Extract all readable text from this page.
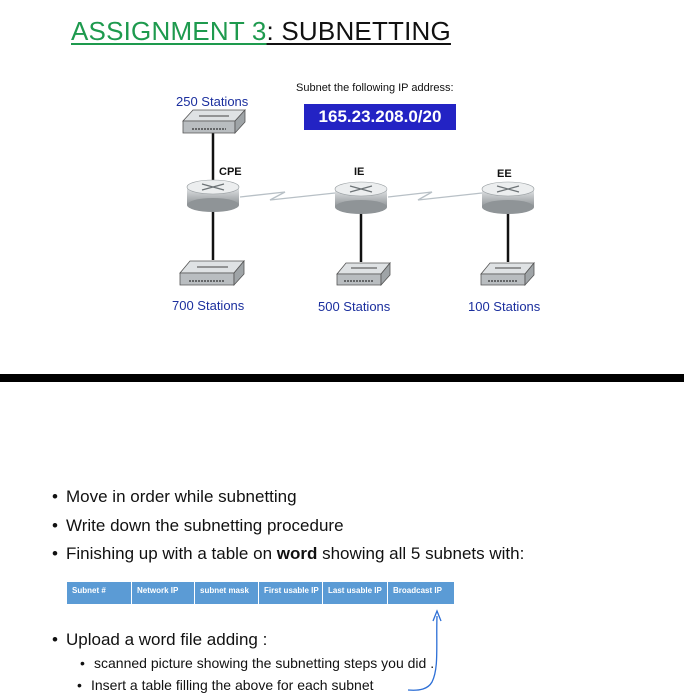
ASSIGNMENT 3: SUBNETTING
Subnet the following IP address:
165.23.208.0/20
250 Stations
700 Stations	500 Stations	100 Stations
CPE	IE	EE
• Move in order while subnetting
• Write down the subnetting procedure
• Finishing up with a table on word showing all 5 subnets with:
Subnet #	Network IP	subnet mask	First usable IP	Last usable IP	Broadcast IP
• Upload a word file adding :
• scanned picture showing the subnetting steps you did .
• Insert a table filling the above for each subnet
